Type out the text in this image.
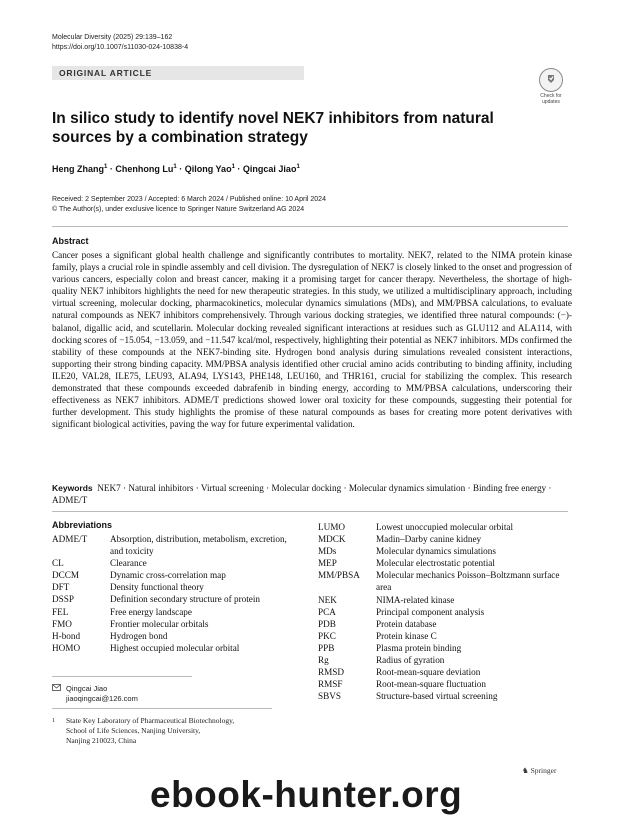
Molecular Diversity (2025) 29:139–162
https://doi.org/10.1007/s11030-024-10838-4
ORIGINAL ARTICLE
Check for
updates
In silico study to identify novel NEK7 inhibitors from natural sources by a combination strategy
Heng Zhang$^1$ · Chenhong $Lu^1$ · Qilong Yao$^1$ · Qingcai Jiao$^1$
Received: 2 September 2023 / Accepted: 6 March 2024 / Published online: 10 April 2024
© The Author(s), under exclusive licence to Springer Nature Switzerland AG 2024
Abstract
Cancer poses a significant global health challenge and significantly contributes to mortality. NEK7, related to the NIMA protein kinase family, plays a crucial role in spindle assembly and cell division. The dysregulation of NEK7 is closely linked to the onset and progression of various cancers, especially colon and breast cancer, making it a promising target for cancer therapy. Nevertheless, the shortage of high-quality NEK7 inhibitors highlights the need for new therapeutic strategies. In this study, we utilized a multidisciplinary approach, including virtual screening, molecular docking, pharmacokinetics, molecular dynamics simulations (MDs), and MM/PBSA calculations, to evaluate natural compounds as NEK7 inhibitors comprehensively. Through various docking strategies, we identified three natural compounds: (−)-balanol, digallic acid, and scutellarin. Molecular docking revealed significant interactions at residues such as GLU112 and ALA114, with docking scores of −15.054, −13.059, and −11.547 kcal/mol, respectively, highlighting their potential as NEK7 inhibitors. MDs confirmed the stability of these compounds at the NEK7-binding site. Hydrogen bond analysis during simulations revealed consistent interactions, supporting their strong binding capacity. MM/PBSA analysis identified other crucial amino acids contributing to binding affinity, including ILE20, VAL28, ILE75, LEU93, ALA94, LYS143, PHE148, LEU160, and THR161, crucial for stabilizing the complex. This research demonstrated that these compounds exceeded dabrafenib in binding energy, according to MM/PBSA calculations, underscoring their effectiveness as NEK7 inhibitors. ADME/T predictions showed lower oral toxicity for these compounds, suggesting their potential for further development. This study highlights the promise of these natural compounds as bases for creating more potent derivatives with significant biological activities, paving the way for future experimental validation.
Keywords NEK7 · Natural inhibitors · Virtual screening · Molecular docking · Molecular dynamics simulation · Binding free energy · ADME/T
Abbreviations
ADME/T	Absorption, distribution, metabolism, excretion, and toxicity
CL	Clearance
DCCM	Dynamic cross-correlation map
DFT	Density functional theory
DSSP	Definition secondary structure of protein
FEL	Free energy landscape
FMO	Frontier molecular orbitals
H-bond	Hydrogen bond
HOMO	Highest occupied molecular orbital
LUMO	Lowest unoccupied molecular orbital
MDCK	Madin–Darby canine kidney
MDs	Molecular dynamics simulations
MEP	Molecular electrostatic potential
MM/PBSA	Molecular mechanics Poisson–Boltzmann surface area
NEK	NIMA-related kinase
PCA	Principal component analysis
PDB	Protein database
PKC	Protein kinase C
PPB	Plasma protein binding
Rg	Radius of gyration
RMSD	Root-mean-square deviation
RMSF	Root-mean-square fluctuation
SBVS	Structure-based virtual screening
Qingcai Jiao
jiaoqingcai@126.com
1	State Key Laboratory of Pharmaceutical Biotechnology,
School of Life Sciences, Nanjing University,
Nanjing 210023, China
♞ Springer
ebook-hunter.org
